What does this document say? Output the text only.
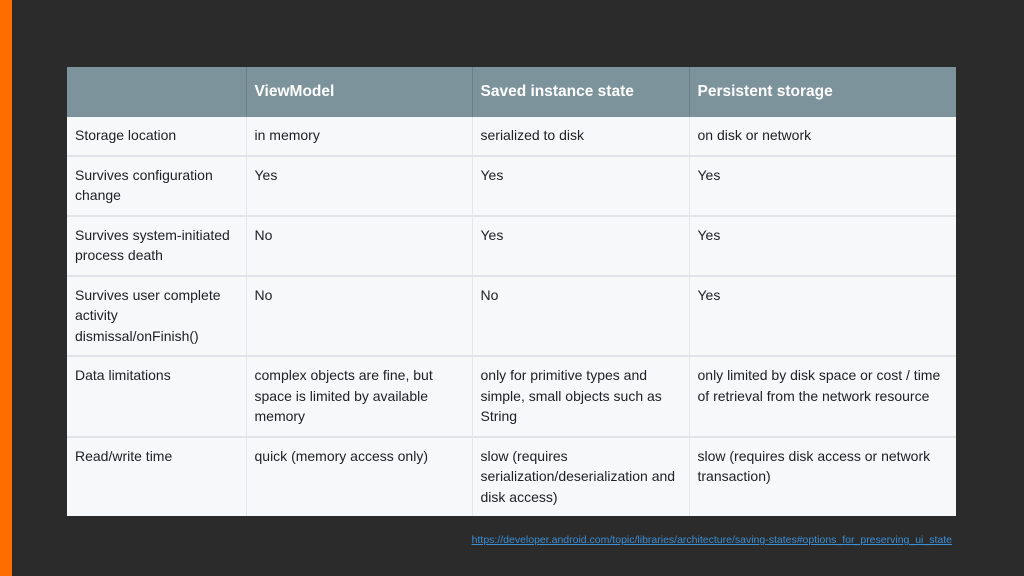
	ViewModel	Saved instance state	Persistent storage
Storage location	in memory	serialized to disk	on disk or network
Survives configuration change	Yes	Yes	Yes
Survives system-initiated process death	No	Yes	Yes
Survives user complete activity dismissal/onFinish()	No	No	Yes
Data limitations	complex objects are fine, but space is limited by available memory	only for primitive types and simple, small objects such as String	only limited by disk space or cost / time of retrieval from the network resource
Read/write time	quick (memory access only)	slow (requires serialization/deserialization and disk access)	slow (requires disk access or network transaction)
https://developer.android.com/topic/libraries/architecture/saving-states#options_for_preserving_ui_state
